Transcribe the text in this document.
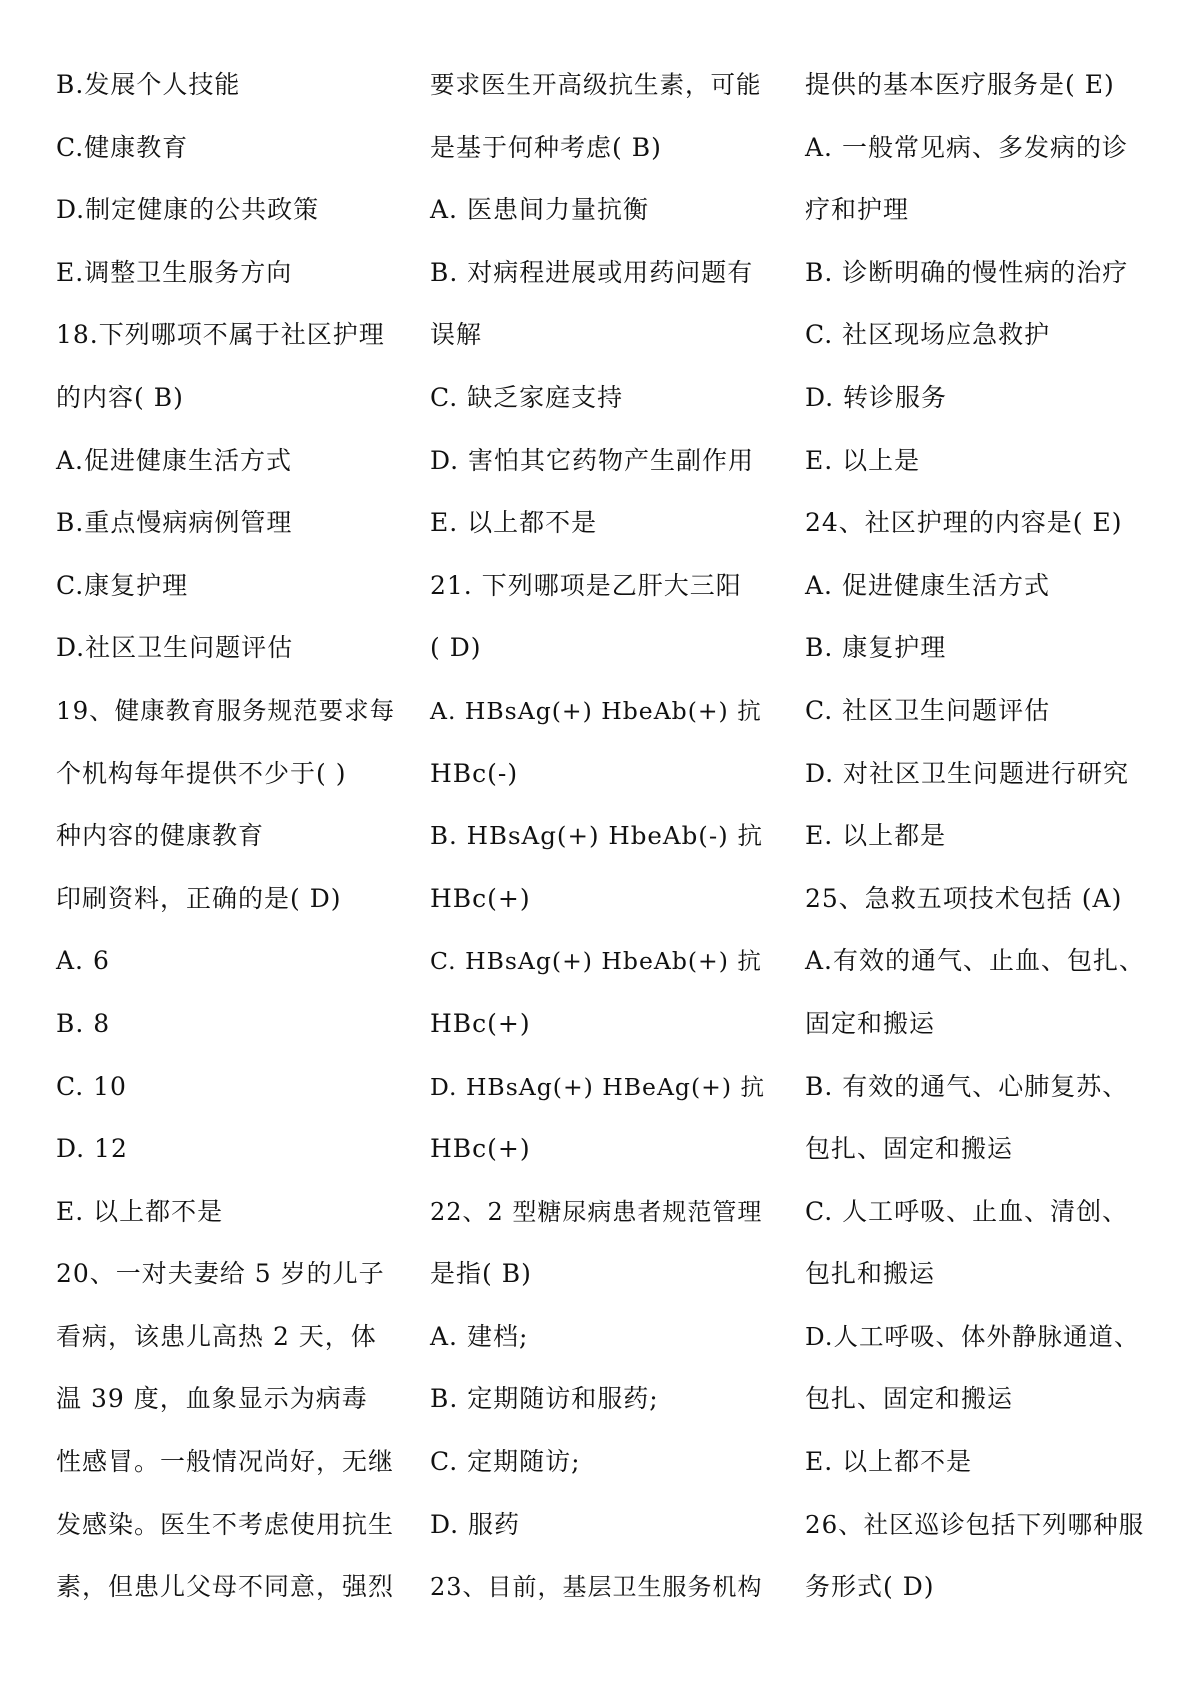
B.发展个人技能
C.健康教育
D.制定健康的公共政策
E.调整卫生服务方向
18.下列哪项不属于社区护理
的内容( B)
A.促进健康生活方式
B.重点慢病病例管理
C.康复护理
D.社区卫生问题评估
19、健康教育服务规范要求每
个机构每年提供不少于( )
种内容的健康教育
印刷资料，正确的是( D)
A. 6
B. 8
C. 10
D. 12
E. 以上都不是
20、一对夫妻给 5 岁的儿子
看病，该患儿高热 2 天，体
温 39 度，血象显示为病毒
性感冒。一般情况尚好，无继
发感染。医生不考虑使用抗生
素，但患儿父母不同意，强烈
要求医生开高级抗生素，可能
是基于何种考虑( B)
A. 医患间力量抗衡
B. 对病程进展或用药问题有
误解
C. 缺乏家庭支持
D. 害怕其它药物产生副作用
E. 以上都不是
21. 下列哪项是乙肝大三阳
( D)
A. HBsAg(+) HbeAb(+) 抗
HBc(-)
B. HBsAg(+) HbeAb(-) 抗
HBc(+)
C. HBsAg(+) HbeAb(+) 抗
HBc(+)
D. HBsAg(+) HBeAg(+) 抗
HBc(+)
22、2 型糖尿病患者规范管理
是指( B)
A. 建档;
B. 定期随访和服药;
C. 定期随访;
D. 服药
23、目前，基层卫生服务机构
提供的基本医疗服务是( E)
A. 一般常见病、多发病的诊
疗和护理
B. 诊断明确的慢性病的治疗
C. 社区现场应急救护
D. 转诊服务
E. 以上是
24、社区护理的内容是( E)
A. 促进健康生活方式
B. 康复护理
C. 社区卫生问题评估
D. 对社区卫生问题进行研究
E. 以上都是
25、急救五项技术包括 (A)
A.有效的通气、止血、包扎、
固定和搬运
B. 有效的通气、心肺复苏、
包扎、固定和搬运
C. 人工呼吸、止血、清创、
包扎和搬运
D.人工呼吸、体外静脉通道、
包扎、固定和搬运
E. 以上都不是
26、社区巡诊包括下列哪种服
务形式( D)
